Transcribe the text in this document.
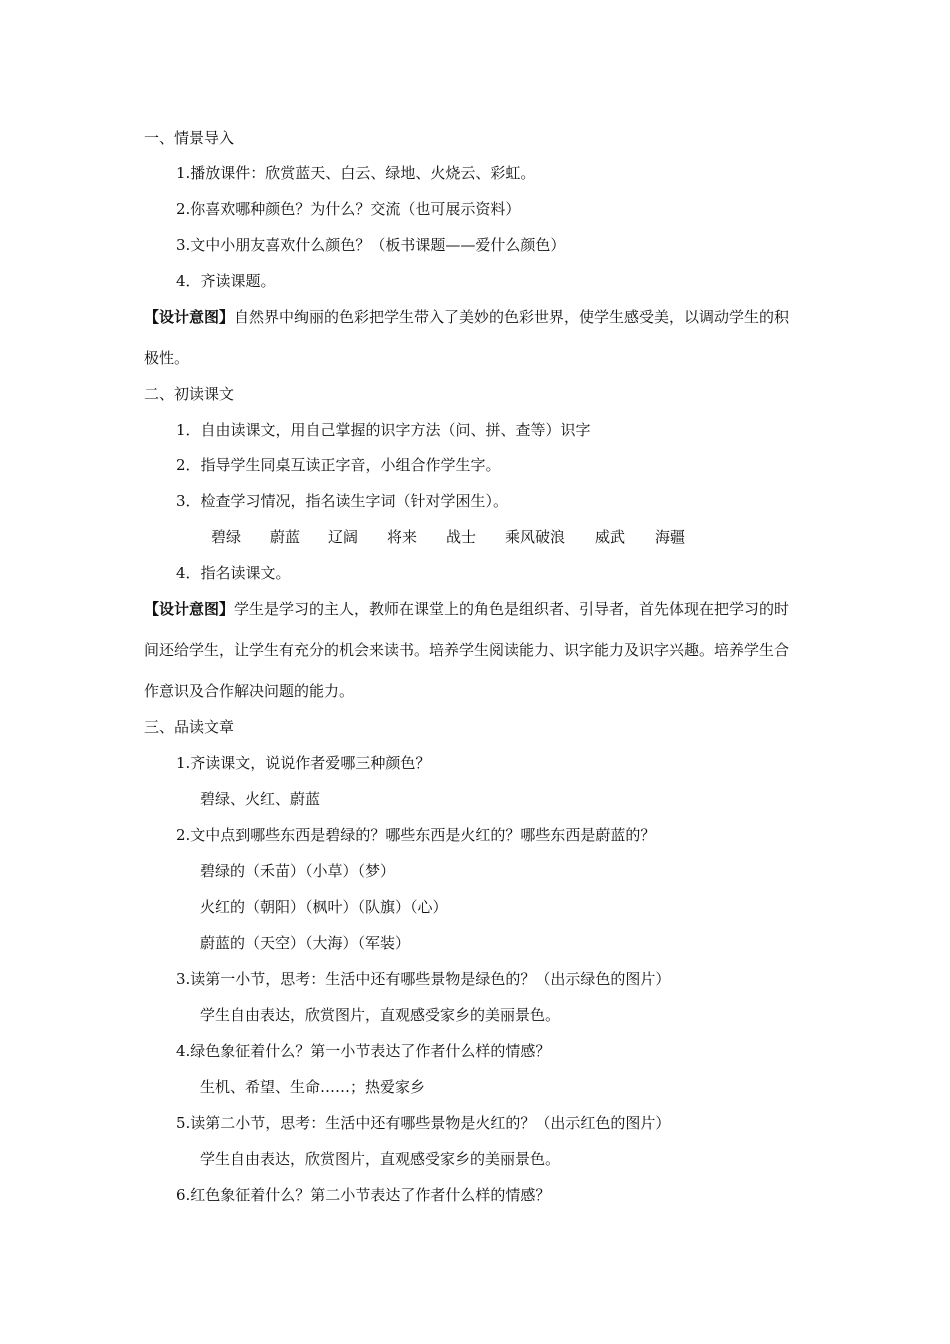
一、情景导入
1.播放课件：欣赏蓝天、白云、绿地、火烧云、彩虹。
2.你喜欢哪种颜色？为什么？交流（也可展示资料）
3.文中小朋友喜欢什么颜色？（板书课题——爱什么颜色）
4．齐读课题。
【设计意图】自然界中绚丽的色彩把学生带入了美妙的色彩世界，使学生感受美，以调动学生的积
极性。
二、初读课文
1．自由读课文，用自己掌握的识字方法（问、拼、查等）识字
2．指导学生同桌互读正字音，小组合作学生字。
3．检查学习情况，指名读生字词（针对学困生）。
碧绿 蔚蓝 辽阔 将来 战士 乘风破浪 威武 海疆
4．指名读课文。
【设计意图】学生是学习的主人，教师在课堂上的角色是组织者、引导者，首先体现在把学习的时
间还给学生，让学生有充分的机会来读书。培养学生阅读能力、识字能力及识字兴趣。培养学生合
作意识及合作解决问题的能力。
三、品读文章
1.齐读课文，说说作者爱哪三种颜色？
碧绿、火红、蔚蓝
2.文中点到哪些东西是碧绿的？哪些东西是火红的？哪些东西是蔚蓝的？
碧绿的（禾苗）（小草）（梦）
火红的（朝阳）（枫叶）（队旗）（心）
蔚蓝的（天空）（大海）（军装）
3.读第一小节，思考：生活中还有哪些景物是绿色的？（出示绿色的图片）
学生自由表达，欣赏图片，直观感受家乡的美丽景色。
4.绿色象征着什么？第一小节表达了作者什么样的情感？
生机、希望、生命……；热爱家乡
5.读第二小节，思考：生活中还有哪些景物是火红的？（出示红色的图片）
学生自由表达，欣赏图片，直观感受家乡的美丽景色。
6.红色象征着什么？第二小节表达了作者什么样的情感？
